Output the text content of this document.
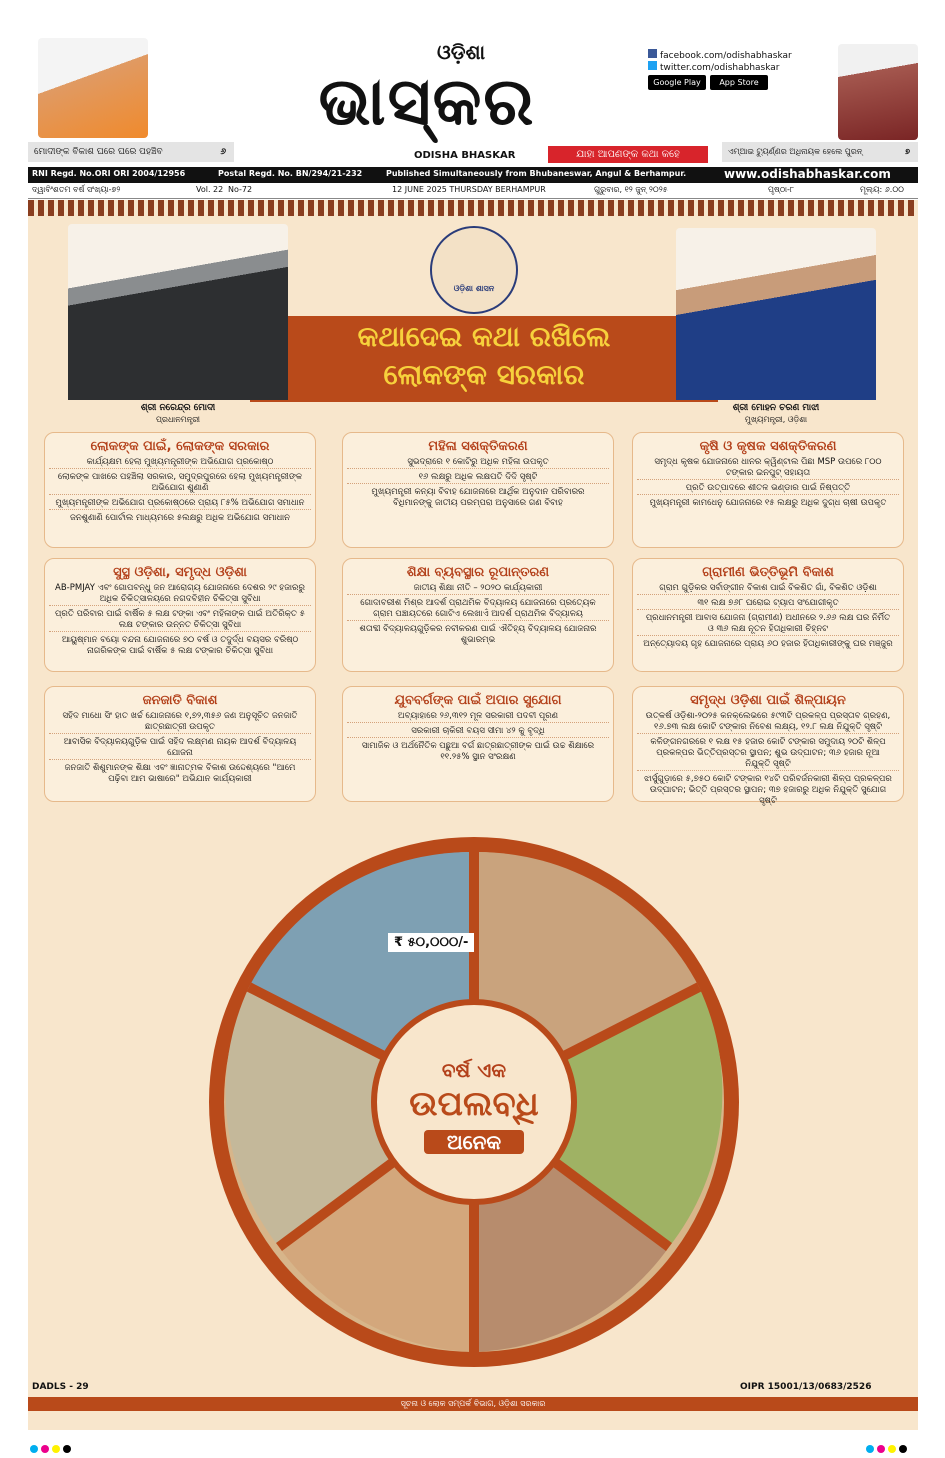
ଓଡ଼ିଶା
ଭାସ୍କର
facebook.com/odishabhaskar
twitter.com/odishabhaskar
Google Play	App Store
ODISHA BHASKAR	ଯାହା ଆପଣଙ୍କ କଥା କହେ
ମୋଦୀଙ୍କ ବିକାଶ ଘରେ ଘରେ ପହଞ୍ଚିବ	୬	ଏମ୍‌ଆଇ ଟ୍ୟୁର୍ଣ୍ଣର ଅଧିନାୟକ ହେଲେ ପୁରନ୍	୭
RNI Regd. No.ORI ORI 2004/12956	Postal Regd. No. BN/294/21-232	Published Simultaneously from Bhubaneswar, Angul & Berhampur.	www.odishabhaskar.com
ଦ୍ୱାବିଂଶତମ ବର୍ଷ ସଂଖ୍ୟା-୭୨	Vol. 22 No-72	12 JUNE 2025 THURSDAY BERHAMPUR	ଗୁରୁବାର, ୧୨ ଜୁନ୍ ୨୦୨୫	ପୃଷ୍ଠା-୮	ମୂଲ୍ୟ: ୬.୦୦
ଓଡ଼ିଶା ଶାସନ
କଥାଦେଇ କଥା ରଖିଲେ
ଲୋକଙ୍କ ସରକାର
ଶ୍ରୀ ନରେନ୍ଦ୍ର ମୋଦୀ
ପ୍ରଧାନମନ୍ତ୍ରୀ
ଶ୍ରୀ ମୋହନ ଚରଣ ମାଝୀ
ମୁଖ୍ୟମନ୍ତ୍ରୀ, ଓଡ଼ିଶା
ଲୋକଙ୍କ ପାଇଁ, ଲୋକଙ୍କ ସରକାର
କାର୍ଯ୍ୟକ୍ଷମ ହେଲା ମୁଖ୍ୟମନ୍ତ୍ରୀଙ୍କ ଅଭିଯୋଗ ପ୍ରକୋଷ୍ଠ
ଲୋକଙ୍କ ପାଖରେ ପହଞ୍ଚିଲା ସରକାର, ସମୁଦ୍ରପୁରରେ ହେଲା ମୁଖ୍ୟମନ୍ତ୍ରୀଙ୍କ ଅଭିଯୋଗ ଶୁଣାଣି
ମୁଖ୍ୟମନ୍ତ୍ରୀଙ୍କ ଅଭିଯୋଗ ପ୍ରକୋଷ୍ଠରେ ପ୍ରାୟ ୮୫% ଅଭିଯୋଗ ସମାଧାନ
ଜନଶୁଣାଣି ପୋର୍ଟାଲ ମାଧ୍ୟମରେ ୫ଲକ୍ଷରୁ ଅଧିକ ଅଭିଯୋଗ ସମାଧାନ
ମହିଳା ସଶକ୍ତିକରଣ
ସୁଭଦ୍ରାରେ ୧ କୋଟିରୁ ଅଧିକ ମହିଳା ଉପକୃତ
୧୬ ଲକ୍ଷରୁ ଅଧିକ ଲକ୍ଷପତି ଦିଦି ସୃଷ୍ଟି
ମୁଖ୍ୟମନ୍ତ୍ରୀ କନ୍ୟା ବିବାହ ଯୋଜନାରେ ଆର୍ଥିକ ଅନୁଦାନ ପରିବାରର ବିଧିମାନଙ୍କୁ ଜାତୀୟ ପରମ୍ପରା ଅନୁସାରେ ଗଣ ବିବାହ
କୃଷି ଓ କୃଷକ ସଶକ୍ତିକରଣ
ସମୃଦ୍ଧ କୃଷକ ଯୋଜନାରେ ଧାନର କ୍ୱିଣ୍ଟାଲ ପିଛା MSP ଉପରେ ୮୦୦ ଟଙ୍କାର ଇନପୁଟ୍ ସହାୟତା
ପ୍ରତି ଉତ୍ପାଦରେ ଶୀତଳ ଭଣ୍ଡାର ପାଇଁ ନିଷ୍ପତ୍ତି
ମୁଖ୍ୟମନ୍ତ୍ରୀ କାମଧେନୁ ଯୋଜନାରେ ୧୫ ଲକ୍ଷରୁ ଅଧିକ ଦୁଗ୍ଧ ଚାଷୀ ଉପକୃତ
ସୁସ୍ଥ ଓଡ଼ିଶା, ସମୃଦ୍ଧ ଓଡ଼ିଶା
AB-PMJAY ଏବଂ ଗୋପବନ୍ଧୁ ଜନ ଆରୋଗ୍ୟ ଯୋଜନାରେ ଦେଶର ୨୯ ହଜାରରୁ ଅଧିକ ଚିକିତ୍ସାଳୟରେ ନଗଦବିହୀନ ଚିକିତ୍ସା ସୁବିଧା
ପ୍ରତି ପରିବାର ପାଇଁ ବାର୍ଷିକ ୫ ଲକ୍ଷ ଟଙ୍କା ଏବଂ ମହିଳାଙ୍କ ପାଇଁ ଅତିରିକ୍ତ ୫ ଲକ୍ଷ ଟଙ୍କାର ଉନ୍ନତ ଚିକିତ୍ସା ସୁବିଧା
ଆୟୁଷ୍ମାନ ବୟୋ ବନ୍ଦନା ଯୋଜନାରେ ୭୦ ବର୍ଷ ଓ ତଦୁର୍ଦ୍ଧ ବୟସର ବରିଷ୍ଠ ନାଗରିକଙ୍କ ପାଇଁ ବାର୍ଷିକ ୫ ଲକ୍ଷ ଟଙ୍କାର ଚିକିତ୍ସା ସୁବିଧା
ଶିକ୍ଷା ବ୍ୟବସ୍ଥାର ରୂପାନ୍ତରଣ
ଜାତୀୟ ଶିକ୍ଷା ନୀତି – ୨୦୨୦ କାର୍ଯ୍ୟକାରୀ
ଗୋଦାବରୀଶ ମିଶ୍ର ଆଦର୍ଶ ପ୍ରାଥମିକ ବିଦ୍ୟାଳୟ ଯୋଜନାରେ ପ୍ରତ୍ୟେକ ଗ୍ରାମ ପଞ୍ଚାୟତରେ ଗୋଟିଏ ଲେଖାଏଁ ଆଦର୍ଶ ପ୍ରାଥମିକ ବିଦ୍ୟାଳୟ
ଶତାବ୍ଦୀ ବିଦ୍ୟାଳୟଗୁଡ଼ିକର ନବୀକରଣ ପାଇଁ ଐତିହ୍ୟ ବିଦ୍ୟାଳୟ ଯୋଜନାର ଶୁଭାରମ୍ଭ
ଗ୍ରାମୀଣ ଭିତ୍ତିଭୂମି ବିକାଶ
ଗ୍ରାମ ଗୁଡ଼ିକର ସର୍ବାଙ୍ଗୀନ ବିକାଶ ପାଇଁ ବିକଶିତ ଗାଁ, ବିକଶିତ ଓଡ଼ିଶା
୩୧ ଲକ୍ଷ ୭୬୮ ଘରୋଇ ଟ୍ୟାପ ସଂଯୋଗୀକୃତ
ପ୍ରଧାନମନ୍ତ୍ରୀ ଆବାସ ଯୋଜନା (ଗ୍ରାମୀଣ) ଅଧୀନରେ ୨.୬୬ ଲକ୍ଷ ଘର ନିର୍ମିତ ଓ ୩୬ ଲକ୍ଷ ନୂତନ ହିତାଧିକାରୀ ଚିହ୍ନଟ
ଅନ୍ତ୍ୟୋଦୟ ଗୃହ ଯୋଜନାରେ ପ୍ରାୟ ୬୦ ହଜାର ହିତାଧିକାରୀଙ୍କୁ ଘର ମଞ୍ଜୁର
ଜନଜାତି ବିକାଶ
ସହିଦ ମାଧୋ ସିଂ ହାତ ଖର୍ଚ୍ଚ ଯୋଜନାରେ ୧,୭୨,୩୫୬ ଜଣ ଅନୁସୂଚିତ ଜନଜାତି ଛାତ୍ରଛାତ୍ରୀ ଉପକୃତ
ଆବାସିକ ବିଦ୍ୟାଳୟଗୁଡ଼ିକ ପାଇଁ ସହିଦ ଲକ୍ଷ୍ମଣ ନାୟକ ଆଦର୍ଶ ବିଦ୍ୟାଳୟ ଯୋଜନା
ଜନଜାତି ଶିଶୁମାନଙ୍କ ଶିକ୍ଷା ଏବଂ ଜ୍ଞାନାତ୍ମକ ବିକାଶ ଉଦ୍ଦେଶ୍ୟରେ "ଆମେ ପଢ଼ିବା ଆମ ଭାଷାରେ" ଅଭିଯାନ କାର୍ଯ୍ୟକାରୀ
ଯୁବବର୍ଗଙ୍କ ପାଇଁ ଅପାର ସୁଯୋଗ
ଅବ୍ୟାହାରେ ୨୬,୩୧୨ ମୂଳ ସରକାରୀ ପଦବୀ ପୂରଣ
ସରକାରୀ ଚାକିରୀ ବୟସ ସୀମା ୪୨ କୁ ବୃଦ୍ଧି
ସାମାଜିକ ଓ ଅର୍ଥନୈତିକ ପଛୁଆ ବର୍ଗ ଛାତ୍ରଛାତ୍ରୀଙ୍କ ପାଇଁ ଉଚ୍ଚ ଶିକ୍ଷାରେ ୧୧.୨୫% ସ୍ଥାନ ସଂରକ୍ଷଣ
ସମୃଦ୍ଧ ଓଡ଼ିଶା ପାଇଁ ଶିଳ୍ପାୟନ
ଉତ୍କର୍ଷ ଓଡ଼ିଶା-୨୦୨୫ କନକ୍ଲେଭରେ ୫୯୩ଟି ପ୍ରକଳ୍ପ ପ୍ରସ୍ତାବ ଗ୍ରହଣ, ୧୬.୭୩ ଲକ୍ଷ କୋଟି ଟଙ୍କାର ନିବେଶ ଲକ୍ଷ୍ୟ, ୧୨.୮ ଲକ୍ଷ ନିଯୁକ୍ତି ସୃଷ୍ଟି
କଳିଙ୍ଗନଗରରେ ୧ ଲକ୍ଷ ୧୫ ହଜାର କୋଟି ଟଙ୍କାର ସମୁଦାୟ ୨୦ଟି ଶିଳ୍ପ ପ୍ରକଳ୍ପର ଭିତ୍ତିପ୍ରସ୍ତର ସ୍ଥାପନ; ଶୁଭ ଉଦ୍‌ଘାଟନ; ୩୬ ହଜାର ନୂଆ ନିଯୁକ୍ତି ସୃଷ୍ଟି
ଝାର୍ସୁଗୁଡ଼ାରେ ୫,୭୫୦ କୋଟି ଟଙ୍କାର ୧୪ଟି ପରିବର୍ଜନକାରୀ ଶିଳ୍ପ ପ୍ରକଳ୍ପର ଉଦ୍‌ଘାଟନ; ଭିତ୍ତି ପ୍ରସ୍ତର ସ୍ଥାପନ; ୩୭ ହଜାରରୁ ଅଧିକ ନିଯୁକ୍ତି ସୁଯୋଗ ସୃଷ୍ଟି
₹ ୫୦,୦୦୦/-
ବର୍ଷ ଏକ
ଉପଲବ୍ଧି
ଅନେକ
DADLS - 29	OIPR 15001/13/0683/2526
ସୂଚନା ଓ ଲୋକ ସମ୍ପର୍କ ବିଭାଗ, ଓଡ଼ିଶା ସରକାର
